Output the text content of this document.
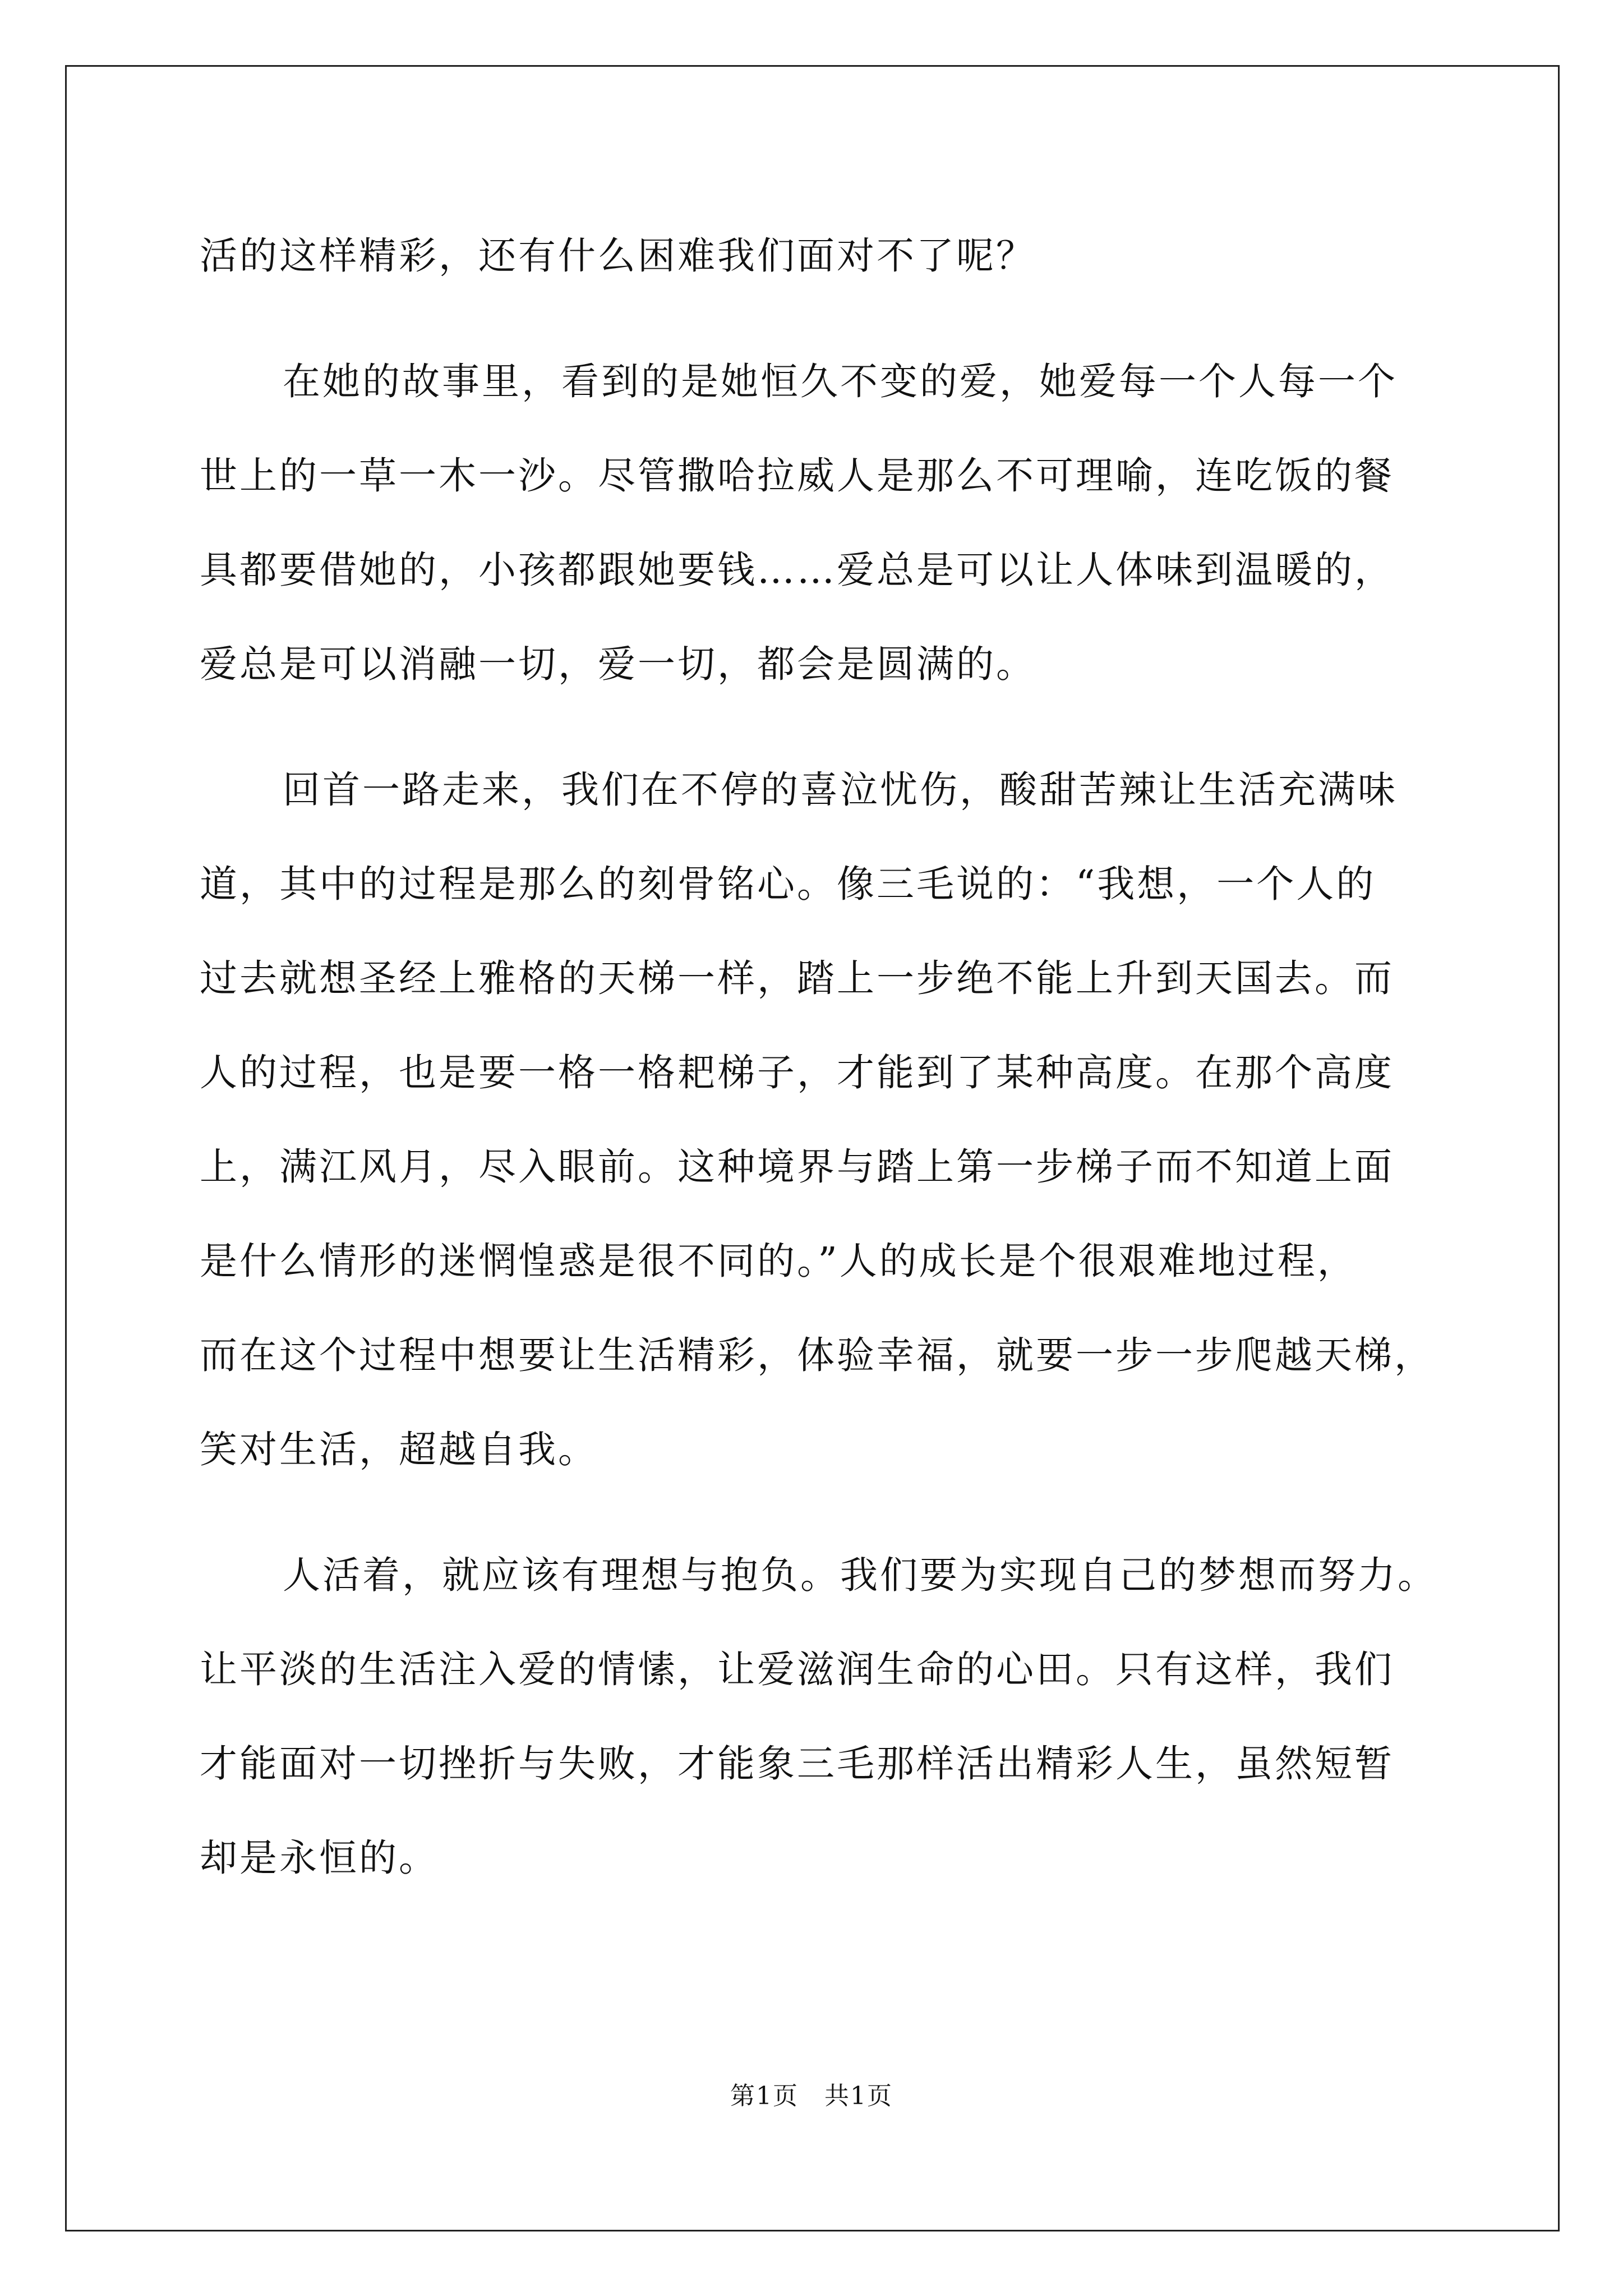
活的这样精彩，还有什么困难我们面对不了呢？
在她的故事里，看到的是她恒久不变的爱，她爱每一个人每一个
世上的一草一木一沙。尽管撒哈拉威人是那么不可理喻，连吃饭的餐
具都要借她的，小孩都跟她要钱……爱总是可以让人体味到温暖的，
爱总是可以消融一切，爱一切，都会是圆满的。
回首一路走来，我们在不停的喜泣忧伤，酸甜苦辣让生活充满味
道，其中的过程是那么的刻骨铭心。像三毛说的：“我想，一个人的
过去就想圣经上雅格的天梯一样，踏上一步绝不能上升到天国去。而
人的过程，也是要一格一格耙梯子，才能到了某种高度。在那个高度
上，满江风月，尽入眼前。这种境界与踏上第一步梯子而不知道上面
是什么情形的迷惘惶惑是很不同的。”人的成长是个很艰难地过程，
而在这个过程中想要让生活精彩，体验幸福，就要一步一步爬越天梯，
笑对生活，超越自我。
人活着，就应该有理想与抱负。我们要为实现自己的梦想而努力。
让平淡的生活注入爱的情愫，让爱滋润生命的心田。只有这样，我们
才能面对一切挫折与失败，才能象三毛那样活出精彩人生，虽然短暂
却是永恒的。
第1页　共1页
